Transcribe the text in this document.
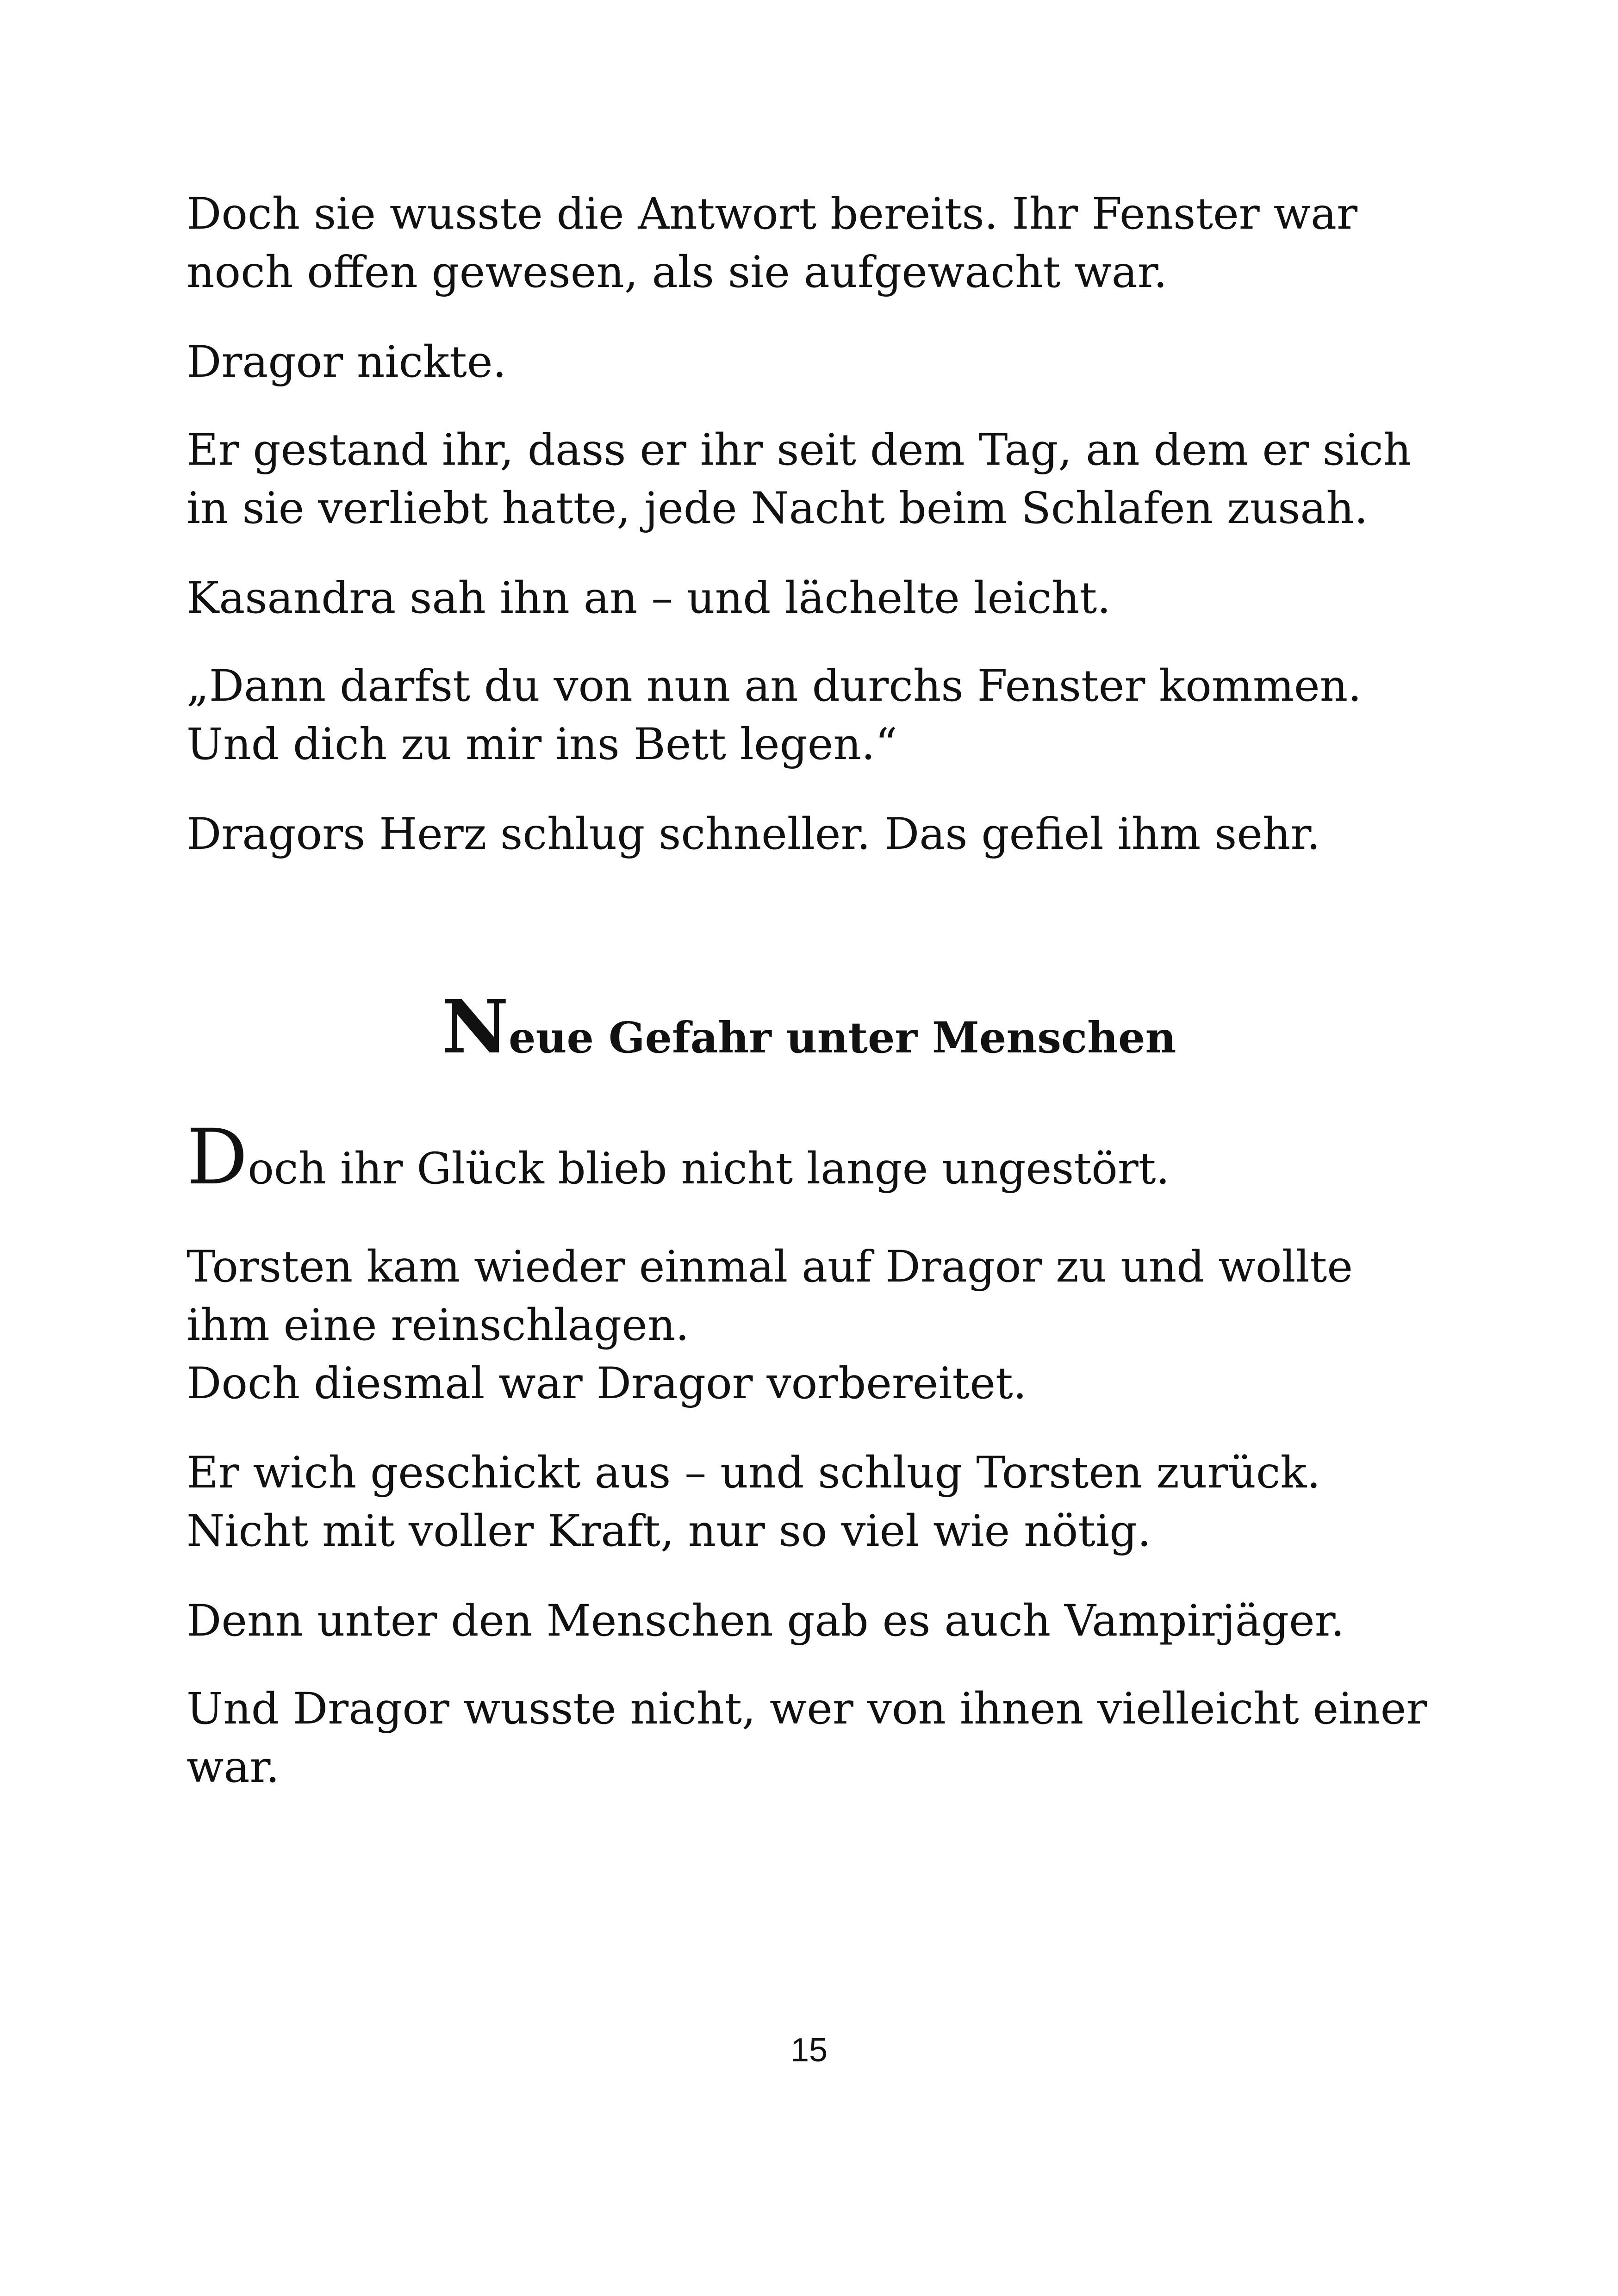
Doch sie wusste die Antwort bereits. Ihr Fenster war
noch offen gewesen, als sie aufgewacht war.

Dragor nickte.

Er gestand ihr, dass er ihr seit dem Tag, an dem er sich
in sie verliebt hatte, jede Nacht beim Schlafen zusah.

Kasandra sah ihn an – und lächelte leicht.

„Dann darfst du von nun an durchs Fenster kommen.
Und dich zu mir ins Bett legen.“

Dragors Herz schlug schneller. Das gefiel ihm sehr.

Neue Gefahr unter Menschen

Doch ihr Glück blieb nicht lange ungestört.

Torsten kam wieder einmal auf Dragor zu und wollte
ihm eine reinschlagen.
Doch diesmal war Dragor vorbereitet.

Er wich geschickt aus – und schlug Torsten zurück.
Nicht mit voller Kraft, nur so viel wie nötig.

Denn unter den Menschen gab es auch Vampirjäger.

Und Dragor wusste nicht, wer von ihnen vielleicht einer
war.

15
